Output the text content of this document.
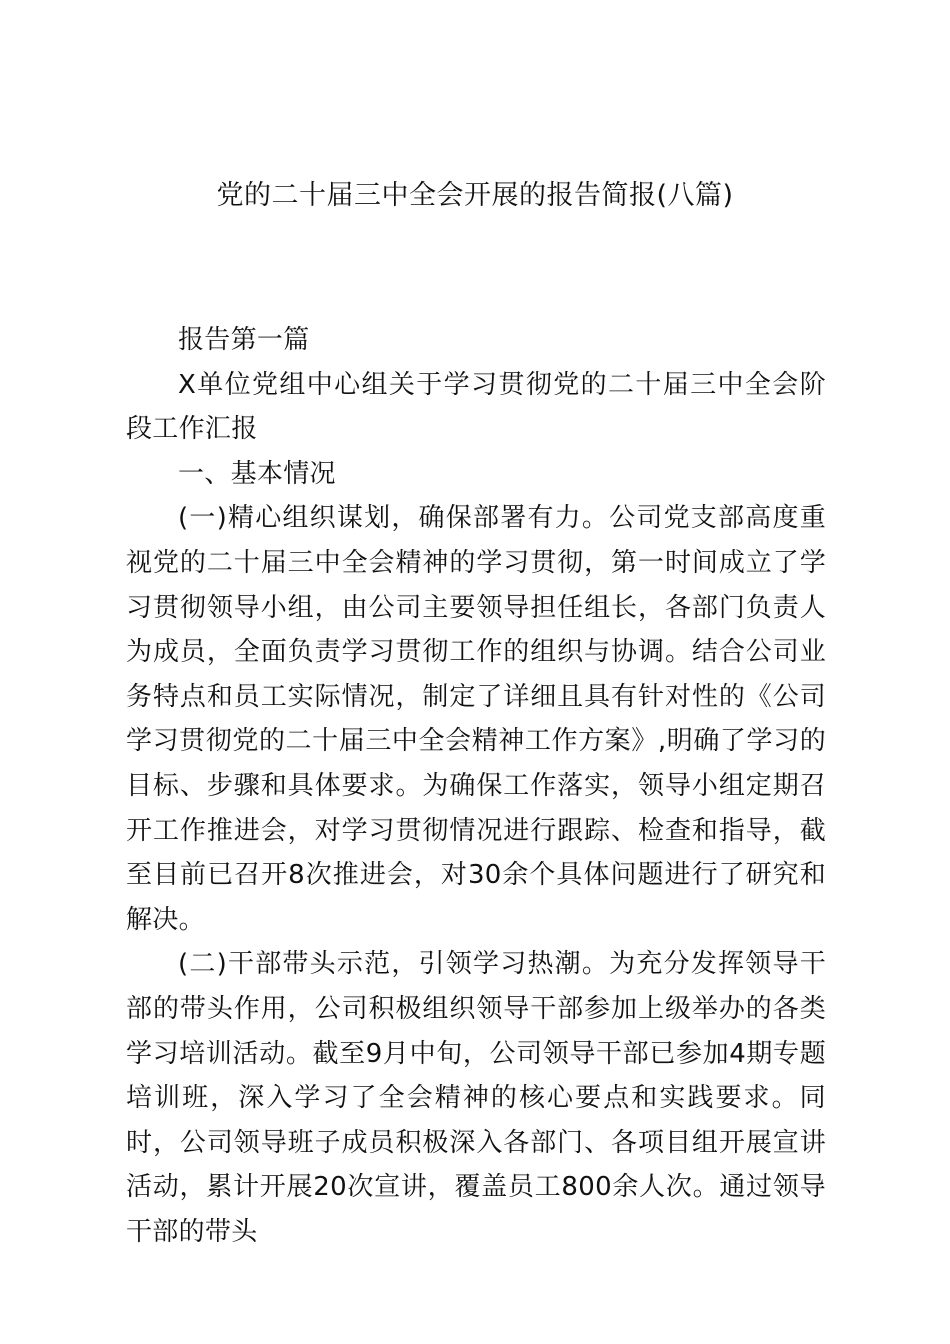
党的二十届三中全会开展的报告简报(八篇)

报告第一篇

X单位党组中心组关于学习贯彻党的二十届三中全会阶段工作汇报

一、基本情况

(一)精心组织谋划，确保部署有力。公司党支部高度重视党的二十届三中全会精神的学习贯彻，第一时间成立了学习贯彻领导小组，由公司主要领导担任组长，各部门负责人为成员，全面负责学习贯彻工作的组织与协调。结合公司业务特点和员工实际情况，制定了详细且具有针对性的《公司学习贯彻党的二十届三中全会精神工作方案》,明确了学习的目标、步骤和具体要求。为确保工作落实，领导小组定期召开工作推进会，对学习贯彻情况进行跟踪、检查和指导，截至目前已召开8次推进会，对30余个具体问题进行了研究和解决。

(二)干部带头示范，引领学习热潮。为充分发挥领导干部的带头作用，公司积极组织领导干部参加上级举办的各类学习培训活动。截至9月中旬，公司领导干部已参加4期专题培训班，深入学习了全会精神的核心要点和实践要求。同时，公司领导班子成员积极深入各部门、各项目组开展宣讲活动，累计开展20次宣讲，覆盖员工800余人次。通过领导干部的带头
